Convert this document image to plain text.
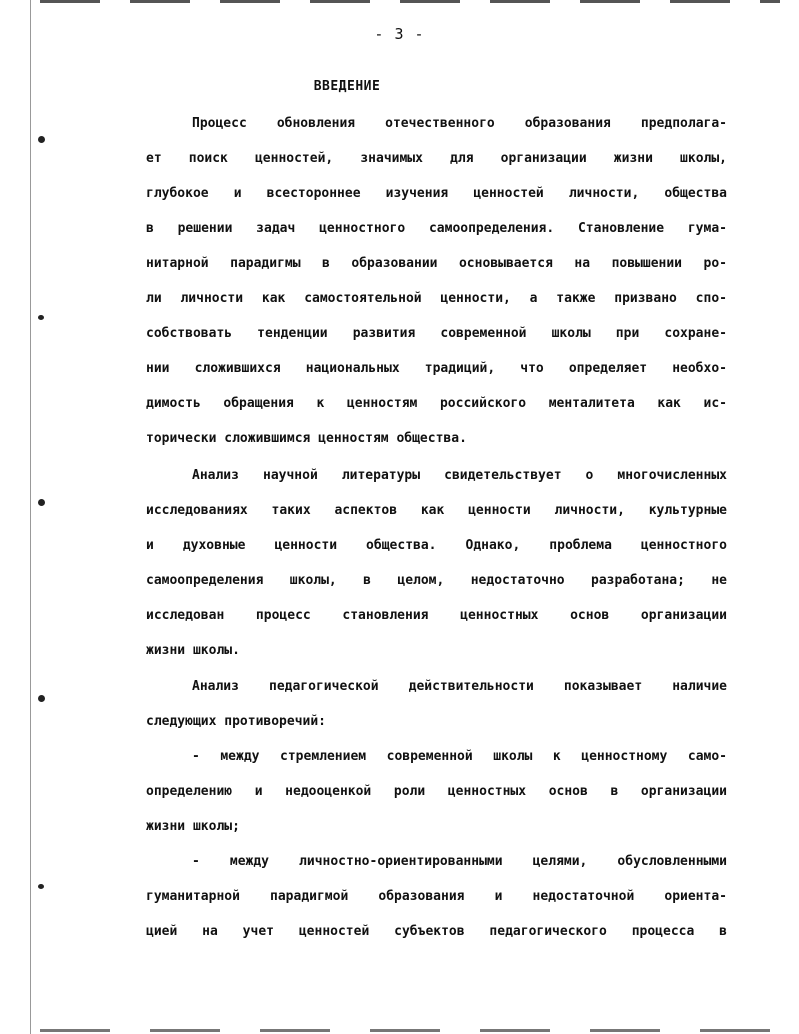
- 3 -
ВВЕДЕНИЕ
Процесс обновления отечественного образования предполага-
ет поиск ценностей, значимых для организации жизни школы,
глубокое и всестороннее изучения ценностей личности, общества
в решении задач ценностного самоопределения. Становление гума-
нитарной парадигмы в образовании основывается на повышении ро-
ли личности как самостоятельной ценности, а также призвано спо-
собствовать тенденции развития современной школы при сохране-
нии сложившихся национальных традиций, что определяет необхо-
димость обращения к ценностям российского менталитета как ис-
торически сложившимся ценностям общества.
Анализ научной литературы свидетельствует о многочисленных
исследованиях таких аспектов как ценности личности, культурные
и духовные ценности общества. Однако, проблема ценностного
самоопределения школы, в целом, недостаточно разработана; не
исследован процесс становления ценностных основ организации
жизни школы.
Анализ педагогической действительности показывает наличие
следующих противоречий:
- между стремлением современной школы к ценностному само-
определению и недооценкой роли ценностных основ в организации
жизни школы;
- между личностно-ориентированными целями, обусловленными
гуманитарной парадигмой образования и недостаточной ориента-
цией на учет ценностей субъектов педагогического процесса в
